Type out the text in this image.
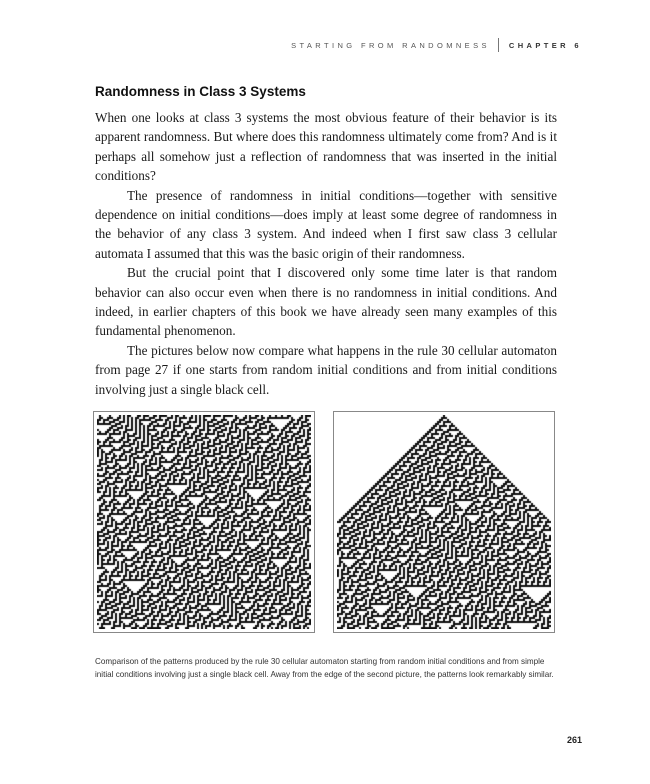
STARTING FROM RANDOMNESS	CHAPTER 6
Randomness in Class 3 Systems

When one looks at class 3 systems the most obvious feature of their behavior is its apparent randomness. But where does this randomness ultimately come from? And is it perhaps all somehow just a reflection of randomness that was inserted in the initial conditions?

The presence of randomness in initial conditions—together with sensitive dependence on initial conditions—does imply at least some degree of randomness in the behavior of any class 3 system. And indeed when I first saw class 3 cellular automata I assumed that this was the basic origin of their randomness.

But the crucial point that I discovered only some time later is that random behavior can also occur even when there is no randomness in initial conditions. And indeed, in earlier chapters of this book we have already seen many examples of this fundamental phenomenon.

The pictures below now compare what happens in the rule 30 cellular automaton from page 27 if one starts from random initial conditions and from initial conditions involving just a single black cell.

Comparison of the patterns produced by the rule 30 cellular automaton starting from random initial conditions and from simple initial conditions involving just a single black cell. Away from the edge of the second picture, the patterns look remarkably similar.

261
